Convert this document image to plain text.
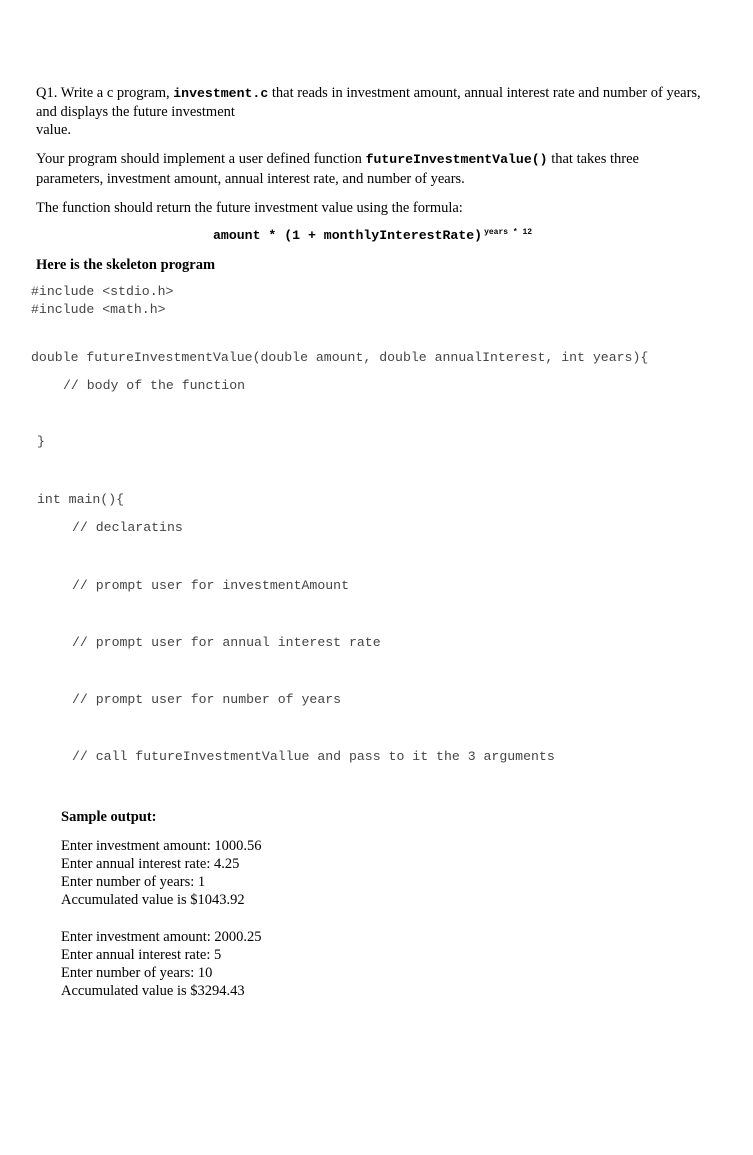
Q1. Write a c program, investment.c that reads in investment amount, annual interest rate and number of years,
and displays the future investment
value.
Your program should implement a user defined function futureInvestmentValue() that takes three
parameters, investment amount, annual interest rate, and number of years.
The function should return the future investment value using the formula:
amount * (1 + monthlyInterestRate) $^{years * 12}$
Here is the skeleton program
#include <stdio.h>
#include <math.h>
double futureInvestmentValue(double amount, double annualInterest, int years){
// body of the function
}
int main(){
// declaratins
// prompt user for investmentAmount
// prompt user for annual interest rate
// prompt user for number of years
// call futureInvestmentVallue and pass to it the 3 arguments
Sample output:
Enter investment amount: 1000.56
Enter annual interest rate: 4.25
Enter number of years: 1
Accumulated value is $1043.92
Enter investment amount: 2000.25
Enter annual interest rate: 5
Enter number of years: 10
Accumulated value is $3294.43
